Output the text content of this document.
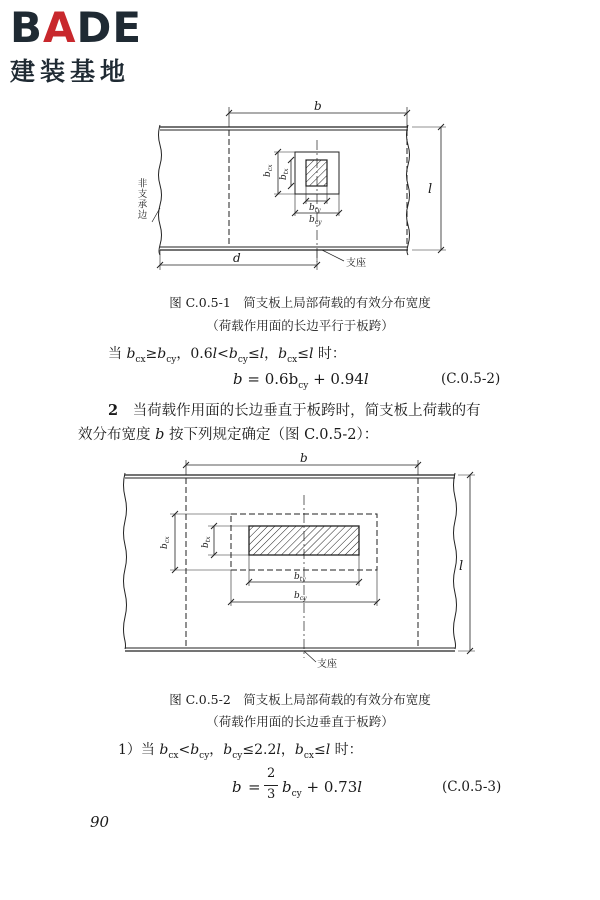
BADE
建装基地
b
$b_{cx}$
$b_{tx}$
$b_{ty}$
$b_{cy}$
l
d	支座
非支承边
图 C.0.5-1　简支板上局部荷载的有效分布宽度
（荷载作用面的长边平行于板跨）
当 $b_{cx}\ge b_{cy}$，$0.6l<b_{cy}\le l$，$b_{cx}\le l$ 时：
$b = 0.6b_{cy} + 0.94l$	(C.0.5-2)
2　当荷载作用面的长边垂直于板跨时，简支板上荷载的有
效分布宽度 b 按下列规定确定（图 C.0.5-2）：
b
$b_{cx}$
$b_{tx}$
$b_{ty}$
$b_{cy}$
l
支座
图 C.0.5-2　简支板上局部荷载的有效分布宽度
（荷载作用面的长边垂直于板跨）
1）当 $b_{cx}<b_{cy}$，$b_{cy}\le 2.2l$，$b_{cx}\le l$ 时：
b =
2
3 $b_{cy} + 0.73l$	(C.0.5-3)
90
